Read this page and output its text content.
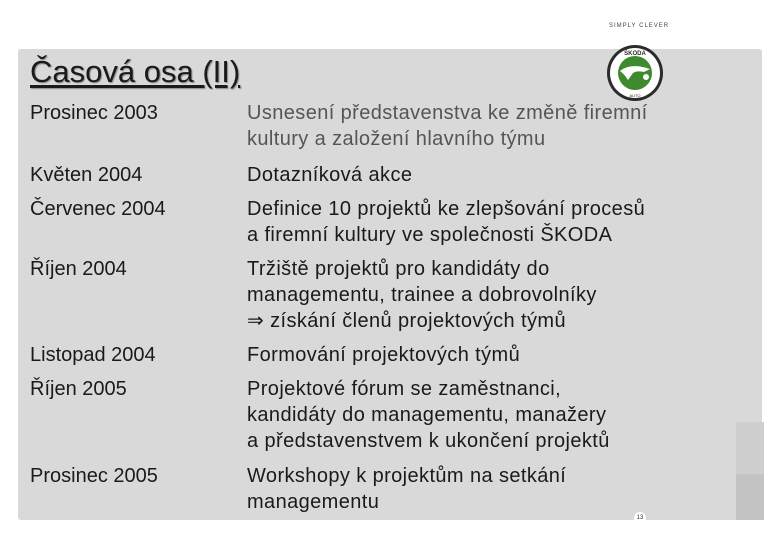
SIMPLY CLEVER
Časová osa (II)	ŠKODA
AUTO
Prosinec 2003	Usnesení představenstva ke změně firemní
kultury a založení hlavního týmu
Květen 2004	Dotazníková akce
Červenec 2004	Definice 10 projektů ke zlepšování procesů
a firemní kultury ve společnosti ŠKODA
Říjen 2004	Tržiště projektů pro kandidáty do
managementu, trainee a dobrovolníky
⇒ získání členů projektových týmů
Listopad 2004	Formování projektových týmů
Říjen 2005	Projektové fórum se zaměstnanci,
kandidáty do managementu, manažery
a představenstvem k ukončení projektů
Prosinec 2005	Workshopy k projektům na setkání
managementu
13
